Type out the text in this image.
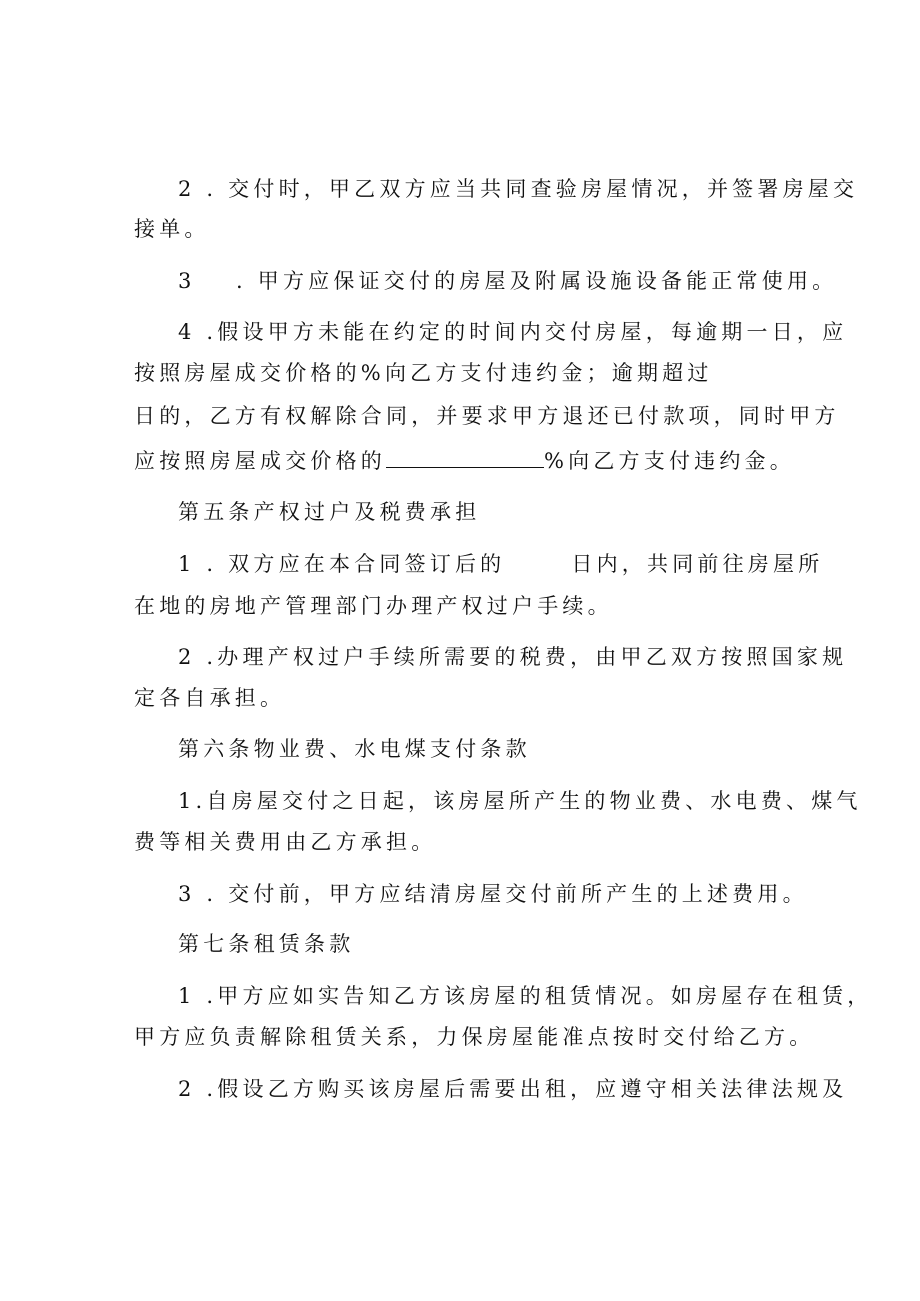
2 . 交付时，甲乙双方应当共同查验房屋情况，并签署房屋交
接单。
3 . 甲方应保证交付的房屋及附属设施设备能正常使用。
4 .假设甲方未能在约定的时间内交付房屋，每逾期一日，应
按照房屋成交价格的%向乙方支付违约金；逾期超过
日的，乙方有权解除合同，并要求甲方退还已付款项，同时甲方
应按照房屋成交价格的	%向乙方支付违约金。
第五条产权过户及税费承担
1 . 双方应在本合同签订后的	日内，共同前往房屋所
在地的房地产管理部门办理产权过户手续。
2 .办理产权过户手续所需要的税费，由甲乙双方按照国家规
定各自承担。
第六条物业费、水电煤支付条款
1.自房屋交付之日起，该房屋所产生的物业费、水电费、煤气
费等相关费用由乙方承担。
3 . 交付前，甲方应结清房屋交付前所产生的上述费用。
第七条租赁条款
1 .甲方应如实告知乙方该房屋的租赁情况。如房屋存在租赁，
甲方应负责解除租赁关系，力保房屋能准点按时交付给乙方。
2 .假设乙方购买该房屋后需要出租，应遵守相关法律法规及
